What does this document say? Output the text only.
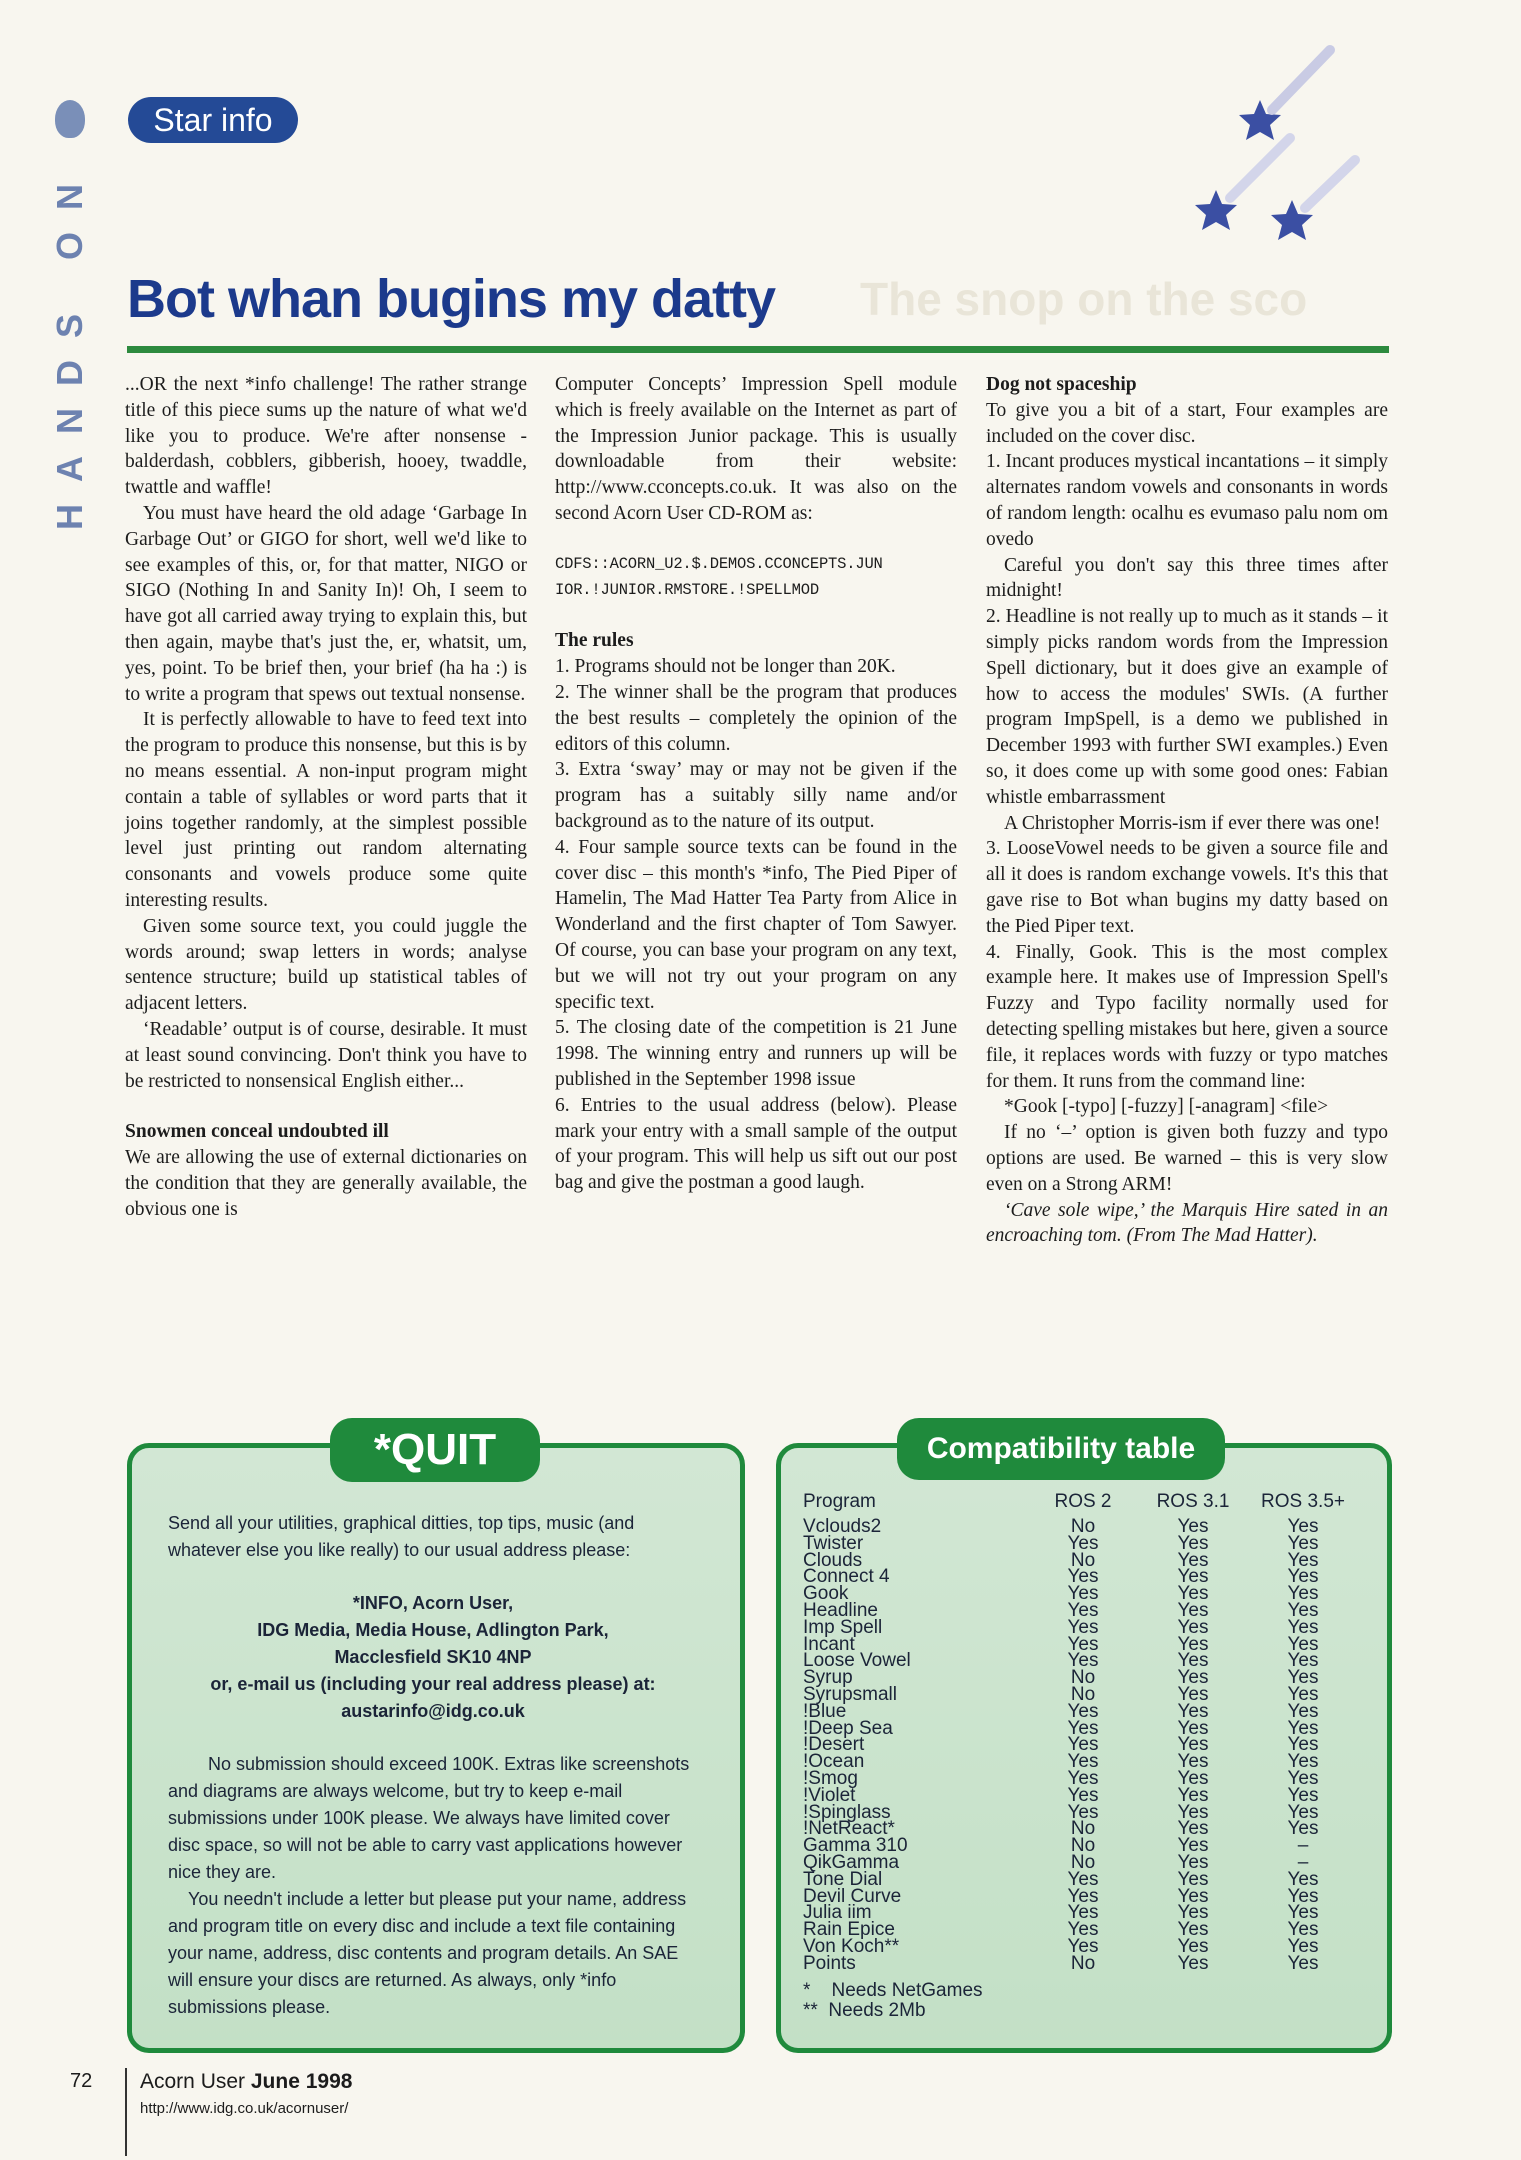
HANDS ON
Star info
The snop on the sco
Bot whan bugins my datty

...OR the next *info challenge! The rather strange title of this piece sums up the nature of what we'd like you to produce. We're after nonsense - balderdash, cobblers, gibberish, hooey, twaddle, twattle and waffle!

You must have heard the old adage ‘Garbage In Garbage Out’ or GIGO for short, well we'd like to see examples of this, or, for that matter, NIGO or SIGO (Nothing In and Sanity In)! Oh, I seem to have got all carried away trying to explain this, but then again, maybe that's just the, er, whatsit, um, yes, point. To be brief then, your brief (ha ha :) is to write a program that spews out textual nonsense.

It is perfectly allowable to have to feed text into the program to produce this nonsense, but this is by no means essential. A non-input program might contain a table of syllables or word parts that it joins together randomly, at the simplest possible level just printing out random alternating consonants and vowels produce some quite interesting results.

Given some source text, you could juggle the words around; swap letters in words; analyse sentence structure; build up statistical tables of adjacent letters.

‘Readable’ output is of course, desirable. It must at least sound convincing. Don't think you have to be restricted to nonsensical English either...

Snowmen conceal undoubted ill

We are allowing the use of external dictionaries on the condition that they are generally available, the obvious one is

Computer Concepts’ Impression Spell module which is freely available on the Internet as part of the Impression Junior package. This is usually downloadable from their website: http://www.cconcepts.co.uk. It was also on the second Acorn User CD-ROM as:

CDFS::ACORN_U2.$.DEMOS.CCONCEPTS.JUN
IOR.!JUNIOR.RMSTORE.!SPELLMOD
The rules

1. Programs should not be longer than 20K.

2. The winner shall be the program that produces the best results – completely the opinion of the editors of this column.

3. Extra ‘sway’ may or may not be given if the program has a suitably silly name and/or background as to the nature of its output.

4. Four sample source texts can be found in the cover disc – this month's *info, The Pied Piper of Hamelin, The Mad Hatter Tea Party from Alice in Wonderland and the first chapter of Tom Sawyer. Of course, you can base your program on any text, but we will not try out your program on any specific text.

5. The closing date of the competition is 21 June 1998. The winning entry and runners up will be published in the September 1998 issue

6. Entries to the usual address (below). Please mark your entry with a small sample of the output of your program. This will help us sift out our post bag and give the postman a good laugh.

Dog not spaceship

To give you a bit of a start, Four examples are included on the cover disc.

1. Incant produces mystical incantations – it simply alternates random vowels and consonants in words of random length: ocalhu es evumaso palu nom om ovedo

Careful you don't say this three times after midnight!

2. Headline is not really up to much as it stands – it simply picks random words from the Impression Spell dictionary, but it does give an example of how to access the modules' SWIs. (A further program ImpSpell, is a demo we published in December 1993 with further SWI examples.) Even so, it does come up with some good ones: Fabian whistle embarrassment

A Christopher Morris-ism if ever there was one!

3. LooseVowel needs to be given a source file and all it does is random exchange vowels. It's this that gave rise to Bot whan bugins my datty based on the Pied Piper text.

4. Finally, Gook. This is the most complex example here. It makes use of Impression Spell's Fuzzy and Typo facility normally used for detecting spelling mistakes but here, given a source file, it replaces words with fuzzy or typo matches for them. It runs from the command line:

*Gook [-typo] [-fuzzy] [-anagram] <file>

If no ‘–’ option is given both fuzzy and typo options are used. Be warned – this is very slow even on a Strong ARM!

‘Cave sole wipe,’ the Marquis Hire sated in an encroaching tom. (From The Mad Hatter).

*QUIT

Send all your utilities, graphical ditties, top tips, music (and whatever else you like really) to our usual address please:

*INFO, Acorn User,

IDG Media, Media House, Adlington Park,

Macclesfield SK10 4NP

or, e-mail us (including your real address please) at:

austarinfo@idg.co.uk

No submission should exceed 100K. Extras like screenshots and diagrams are always welcome, but try to keep e-mail submissions under 100K please. We always have limited cover disc space, so will not be able to carry vast applications however nice they are.

You needn't include a letter but please put your name, address and program title on every disc and include a text file containing your name, address, disc contents and program details. An SAE will ensure your discs are returned. As always, only *info submissions please.

Compatibility table
Program	ROS 2	ROS 3.1	ROS 3.5+
Vclouds2	No	Yes	Yes
Twister	Yes	Yes	Yes
Clouds	No	Yes	Yes
Connect 4	Yes	Yes	Yes
Gook	Yes	Yes	Yes
Headline	Yes	Yes	Yes
Imp Spell	Yes	Yes	Yes
Incant	Yes	Yes	Yes
Loose Vowel	Yes	Yes	Yes
Syrup	No	Yes	Yes
Syrupsmall	No	Yes	Yes
!Blue	Yes	Yes	Yes
!Deep Sea	Yes	Yes	Yes
!Desert	Yes	Yes	Yes
!Ocean	Yes	Yes	Yes
!Smog	Yes	Yes	Yes
!Violet	Yes	Yes	Yes
!Spinglass	Yes	Yes	Yes
!NetReact*	No	Yes	Yes
Gamma 310	No	Yes	–
QikGamma	No	Yes	–
Tone Dial	Yes	Yes	Yes
Devil Curve	Yes	Yes	Yes
Julia iim	Yes	Yes	Yes
Rain Epice	Yes	Yes	Yes
Von Koch**	Yes	Yes	Yes
Points	No	Yes	Yes
*    Needs NetGames
**  Needs 2Mb
72 Acorn User June 1998
http://www.idg.co.uk/acornuser/
